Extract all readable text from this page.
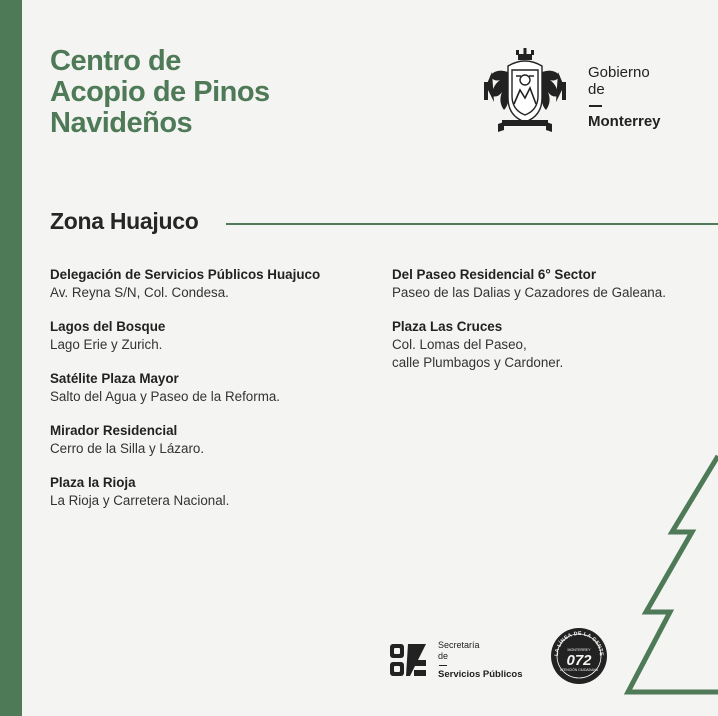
Centro de
Acopio de Pinos
Navideños
Gobierno
de
Monterrey
Zona Huajuco
Delegación de Servicios Públicos Huajuco
Av. Reyna S/N, Col. Condesa.
Lagos del Bosque
Lago Erie y Zurich.
Satélite Plaza Mayor
Salto del Agua y Paseo de la Reforma.
Mirador Residencial
Cerro de la Silla y Lázaro.
Plaza la Rioja
La Rioja y Carretera Nacional.
Del Paseo Residencial 6° Sector
Paseo de las Dalias y Cazadores de Galeana.
Plaza Las Cruces
Col. Lomas del Paseo,
calle Plumbagos y Cardoner.
Secretaría
de
Servicios Públicos
LA LÍNEA DE LA GENTE
MONTERREY
072
ATENCIÓN CIUDADANA
